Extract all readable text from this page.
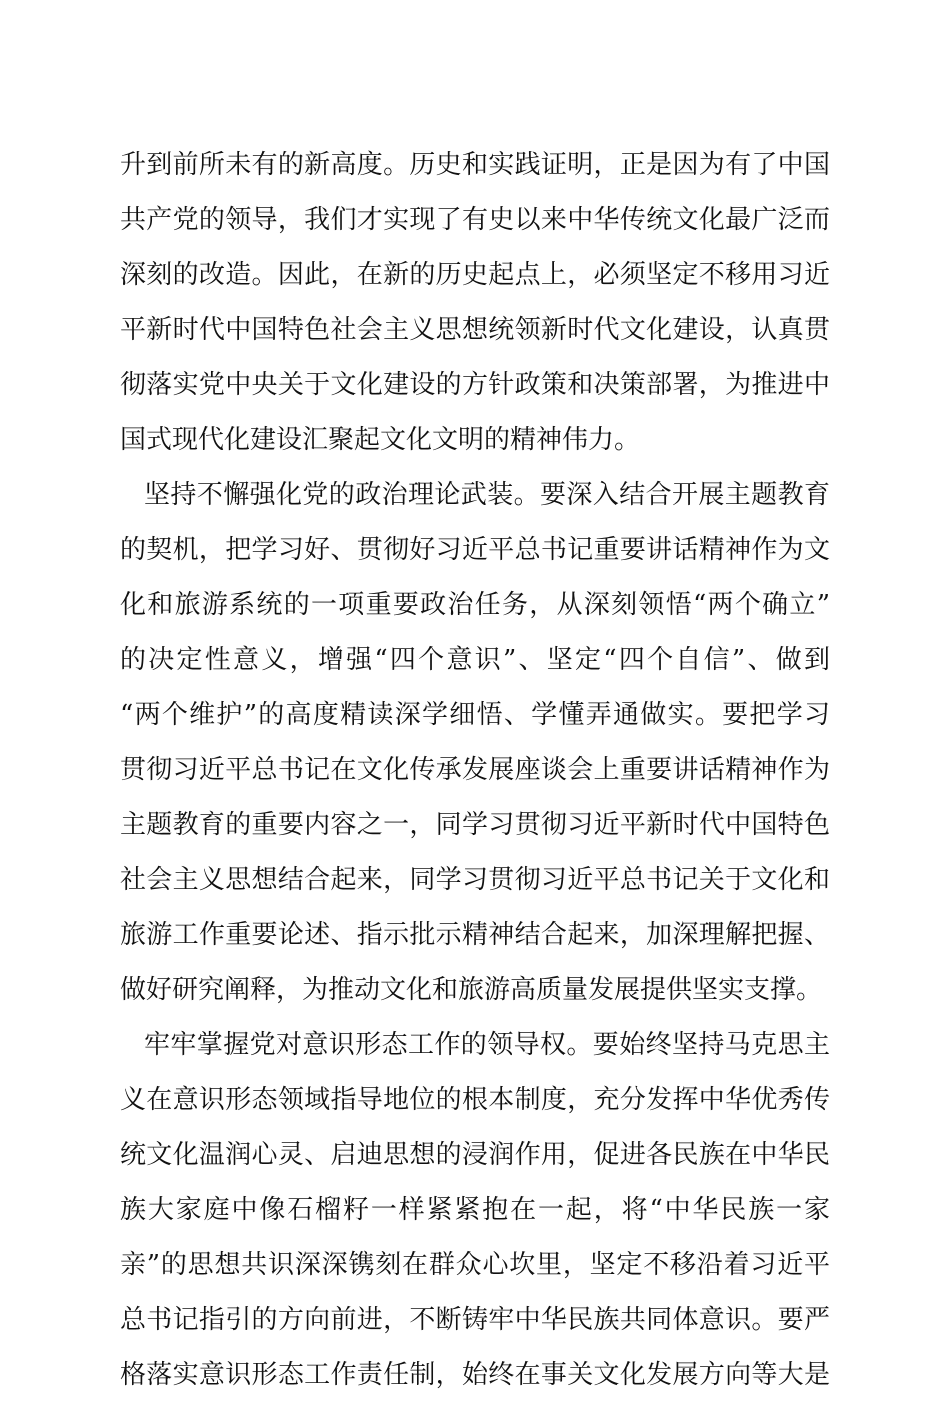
升到前所未有的新高度。历史和实践证明，正是因为有了中国
共产党的领导，我们才实现了有史以来中华传统文化最广泛而
深刻的改造。因此，在新的历史起点上，必须坚定不移用习近
平新时代中国特色社会主义思想统领新时代文化建设，认真贯
彻落实党中央关于文化建设的方针政策和决策部署，为推进中
国式现代化建设汇聚起文化文明的精神伟力。
坚持不懈强化党的政治理论武装。要深入结合开展主题教育
的契机，把学习好、贯彻好习近平总书记重要讲话精神作为文
化和旅游系统的一项重要政治任务，从深刻领悟“两个确立”
的决定性意义，增强“四个意识”、坚定“四个自信”、做到
“两个维护”的高度精读深学细悟、学懂弄通做实。要把学习
贯彻习近平总书记在文化传承发展座谈会上重要讲话精神作为
主题教育的重要内容之一，同学习贯彻习近平新时代中国特色
社会主义思想结合起来，同学习贯彻习近平总书记关于文化和
旅游工作重要论述、指示批示精神结合起来，加深理解把握、
做好研究阐释，为推动文化和旅游高质量发展提供坚实支撑。
牢牢掌握党对意识形态工作的领导权。要始终坚持马克思主
义在意识形态领域指导地位的根本制度，充分发挥中华优秀传
统文化温润心灵、启迪思想的浸润作用，促进各民族在中华民
族大家庭中像石榴籽一样紧紧抱在一起，将“中华民族一家
亲”的思想共识深深镌刻在群众心坎里，坚定不移沿着习近平
总书记指引的方向前进，不断铸牢中华民族共同体意识。要严
格落实意识形态工作责任制，始终在事关文化发展方向等大是
